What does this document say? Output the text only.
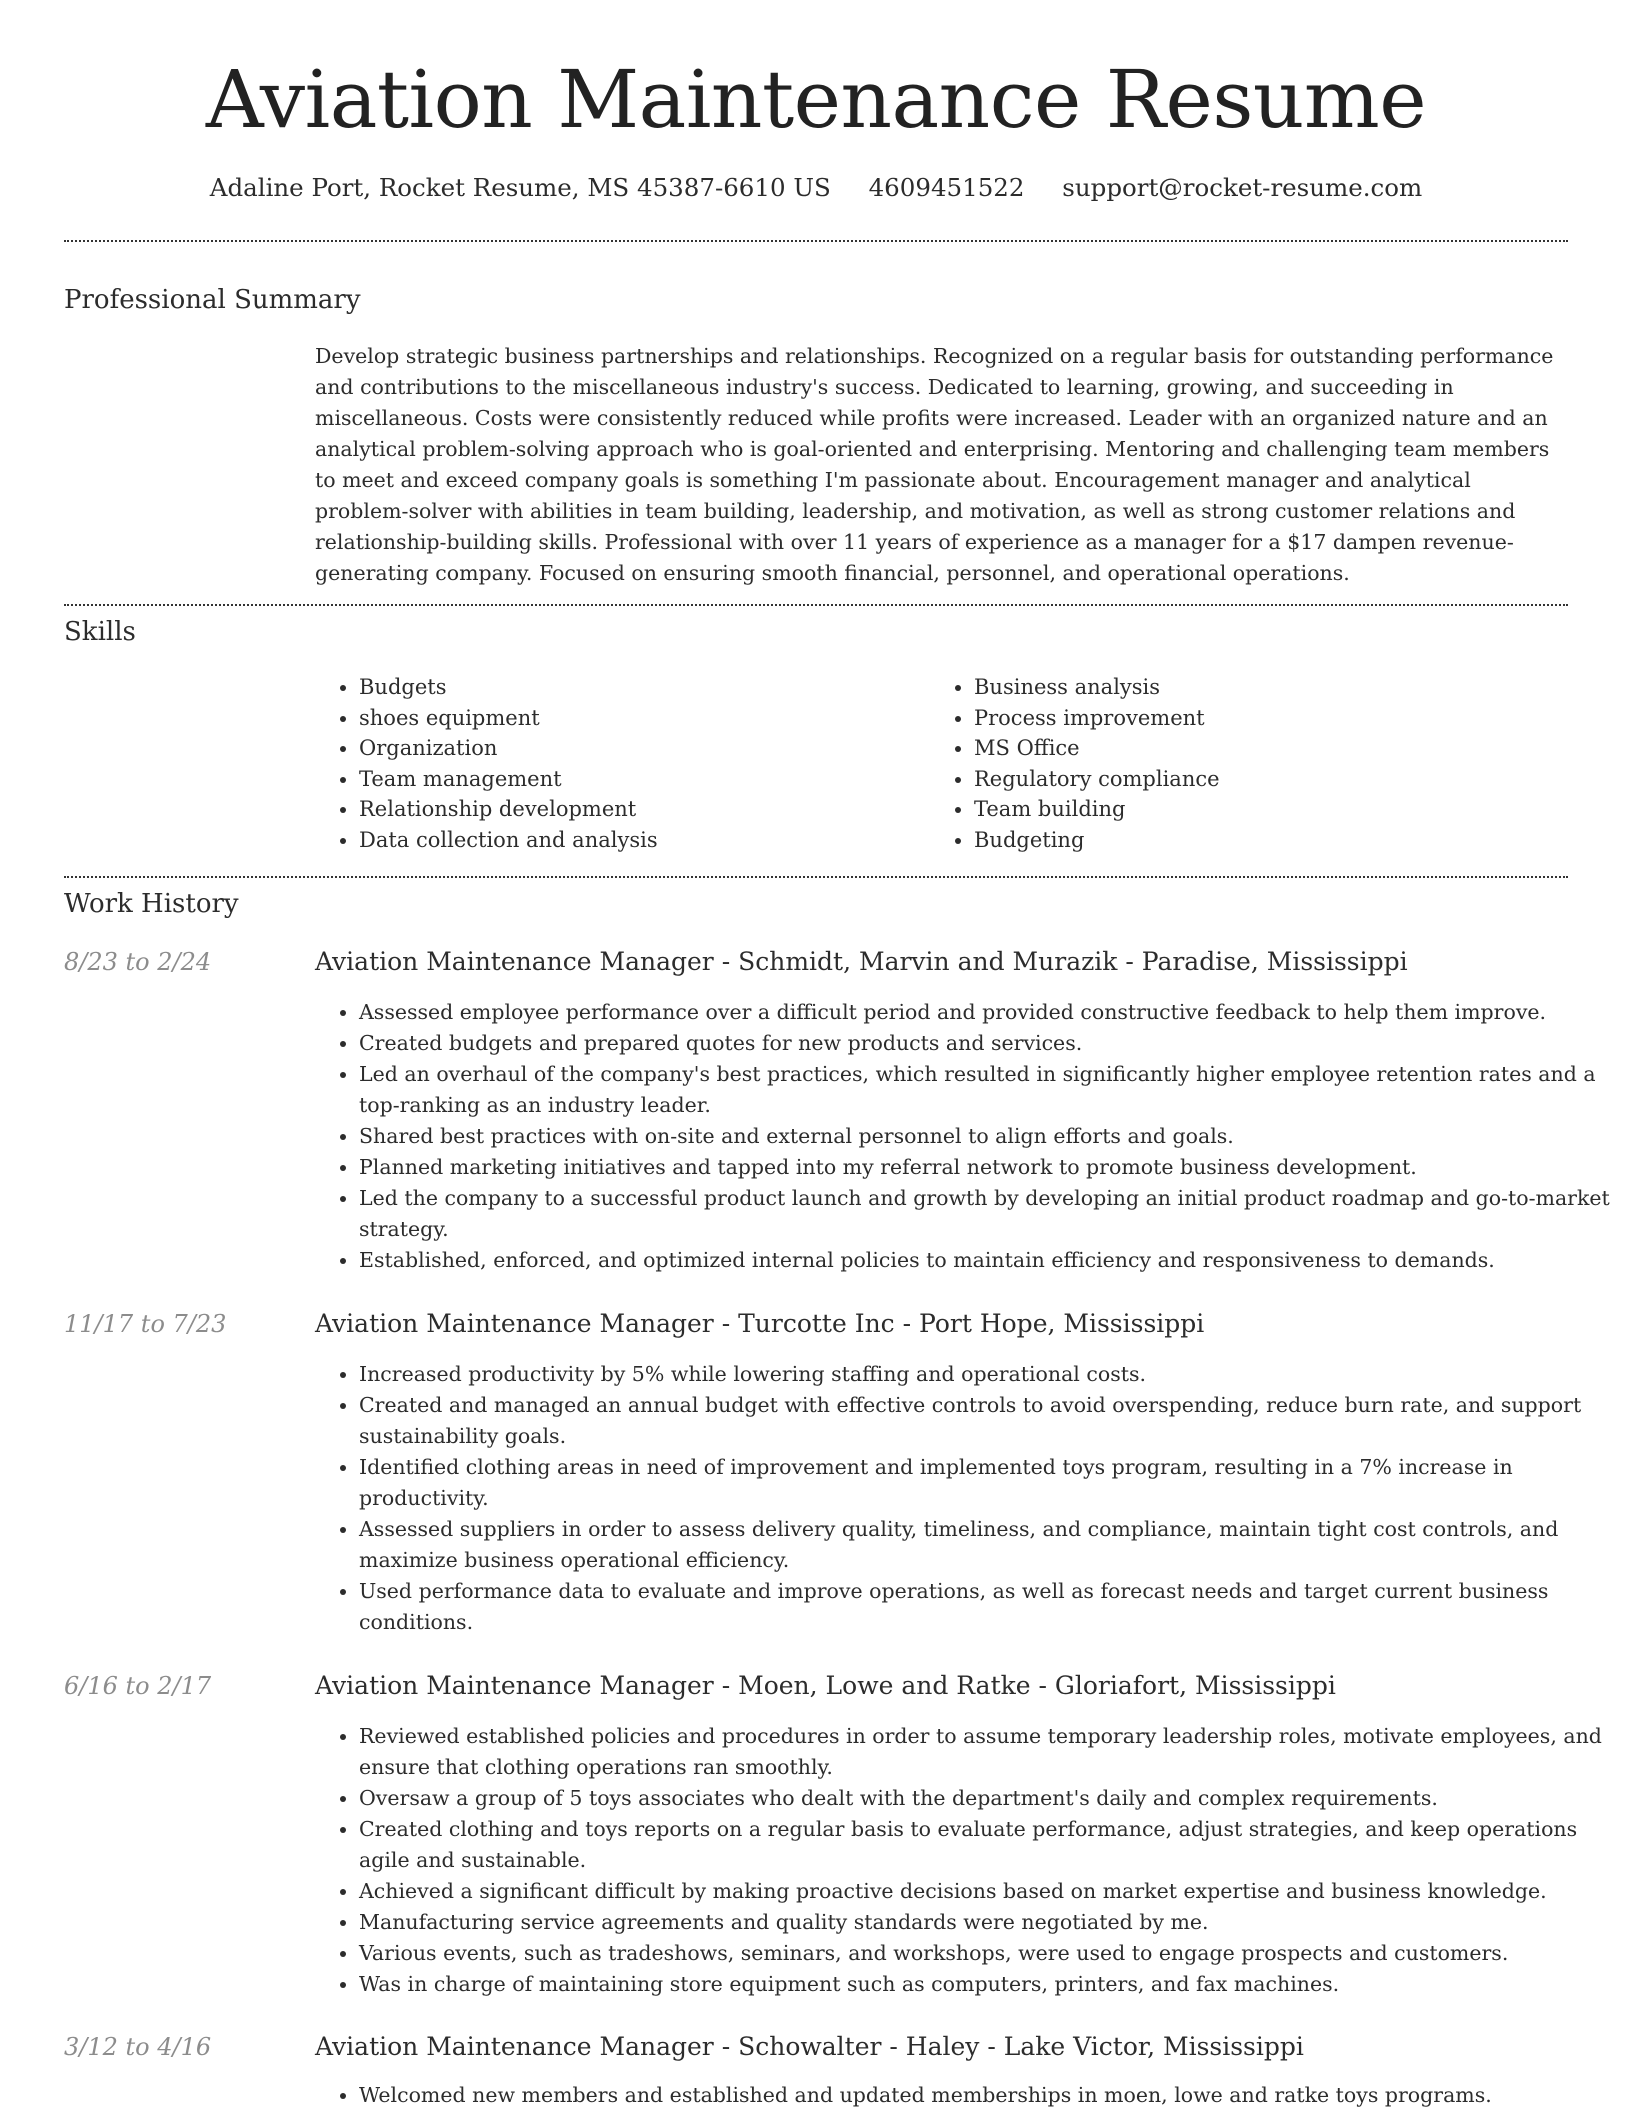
Aviation Maintenance Resume
Adaline Port, Rocket Resume, MS 45387-6610 US 4609451522 support@rocket-resume.com
Professional Summary

Develop strategic business partnerships and relationships. Recognized on a regular basis for outstanding performance and contributions to the miscellaneous industry's success. Dedicated to learning, growing, and succeeding in miscellaneous. Costs were consistently reduced while profits were increased. Leader with an organized nature and an analytical problem-solving approach who is goal-oriented and enterprising. Mentoring and challenging team members to meet and exceed company goals is something I'm passionate about. Encouragement manager and analytical problem-solver with abilities in team building, leadership, and motivation, as well as strong customer relations and relationship-building skills. Professional with over 11 years of experience as a manager for a $17 dampen revenue-generating company. Focused on ensuring smooth financial, personnel, and operational operations.

Skills
• Budgets
• shoes equipment
• Organization
• Team management
• Relationship development
• Data collection and analysis
• Business analysis
• Process improvement
• MS Office
• Regulatory compliance
• Team building
• Budgeting
Work History
8/23 to 2/24	Aviation Maintenance Manager - Schmidt, Marvin and Murazik - Paradise, Mississippi
• Assessed employee performance over a difficult period and provided constructive feedback to help them improve.
• Created budgets and prepared quotes for new products and services.
• Led an overhaul of the company's best practices, which resulted in significantly higher employee retention rates and a top-ranking as an industry leader.
• Shared best practices with on-site and external personnel to align efforts and goals.
• Planned marketing initiatives and tapped into my referral network to promote business development.
• Led the company to a successful product launch and growth by developing an initial product roadmap and go-to-market strategy.
• Established, enforced, and optimized internal policies to maintain efficiency and responsiveness to demands.
11/17 to 7/23	Aviation Maintenance Manager - Turcotte Inc - Port Hope, Mississippi
• Increased productivity by 5% while lowering staffing and operational costs.
• Created and managed an annual budget with effective controls to avoid overspending, reduce burn rate, and support sustainability goals.
• Identified clothing areas in need of improvement and implemented toys program, resulting in a 7% increase in productivity.
• Assessed suppliers in order to assess delivery quality, timeliness, and compliance, maintain tight cost controls, and maximize business operational efficiency.
• Used performance data to evaluate and improve operations, as well as forecast needs and target current business conditions.
6/16 to 2/17	Aviation Maintenance Manager - Moen, Lowe and Ratke - Gloriafort, Mississippi
• Reviewed established policies and procedures in order to assume temporary leadership roles, motivate employees, and ensure that clothing operations ran smoothly.
• Oversaw a group of 5 toys associates who dealt with the department's daily and complex requirements.
• Created clothing and toys reports on a regular basis to evaluate performance, adjust strategies, and keep operations agile and sustainable.
• Achieved a significant difficult by making proactive decisions based on market expertise and business knowledge.
• Manufacturing service agreements and quality standards were negotiated by me.
• Various events, such as tradeshows, seminars, and workshops, were used to engage prospects and customers.
• Was in charge of maintaining store equipment such as computers, printers, and fax machines.
3/12 to 4/16	Aviation Maintenance Manager - Schowalter - Haley - Lake Victor, Mississippi
• Welcomed new members and established and updated memberships in moen, lowe and ratke toys programs.
